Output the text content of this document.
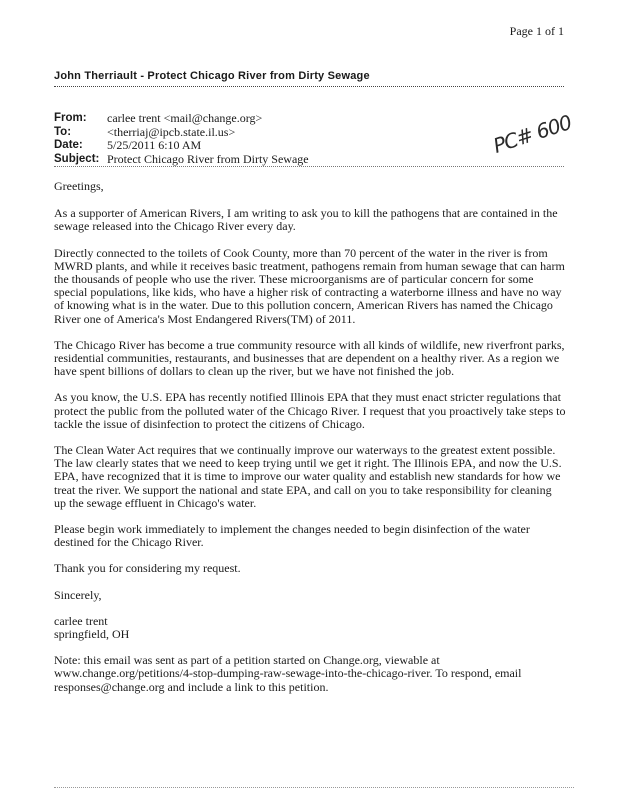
Page 1 of 1
John Therriault - Protect Chicago River from Dirty Sewage
From:	carlee trent <mail@change.org>
To:	<therriaj@ipcb.state.il.us>
Date:	5/25/2011 6:10 AM
Subject: Protect Chicago River from Dirty Sewage
PC# 600

Greetings,

As a supporter of American Rivers, I am writing to ask you to kill the pathogens that are contained in the sewage released into the Chicago River every day.

Directly connected to the toilets of Cook County, more than 70 percent of the water in the river is from MWRD plants, and while it receives basic treatment, pathogens remain from human sewage that can harm the thousands of people who use the river. These microorganisms are of particular concern for some special populations, like kids, who have a higher risk of contracting a waterborne illness and have no way of knowing what is in the water. Due to this pollution concern, American Rivers has named the Chicago River one of America's Most Endangered Rivers(TM) of 2011.

The Chicago River has become a true community resource with all kinds of wildlife, new riverfront parks, residential communities, restaurants, and businesses that are dependent on a healthy river. As a region we have spent billions of dollars to clean up the river, but we have not finished the job.

As you know, the U.S. EPA has recently notified Illinois EPA that they must enact stricter regulations that protect the public from the polluted water of the Chicago River. I request that you proactively take steps to tackle the issue of disinfection to protect the citizens of Chicago.

The Clean Water Act requires that we continually improve our waterways to the greatest extent possible. The law clearly states that we need to keep trying until we get it right. The Illinois EPA, and now the U.S. EPA, have recognized that it is time to improve our water quality and establish new standards for how we treat the river. We support the national and state EPA, and call on you to take responsibility for cleaning up the sewage effluent in Chicago's water.

Please begin work immediately to implement the changes needed to begin disinfection of the water destined for the Chicago River.

Thank you for considering my request.

Sincerely,

carlee trent
springfield, OH

Note: this email was sent as part of a petition started on Change.org, viewable at www.change.org/petitions/4-stop-dumping-raw-sewage-into-the-chicago-river. To respond, email responses@change.org and include a link to this petition.
